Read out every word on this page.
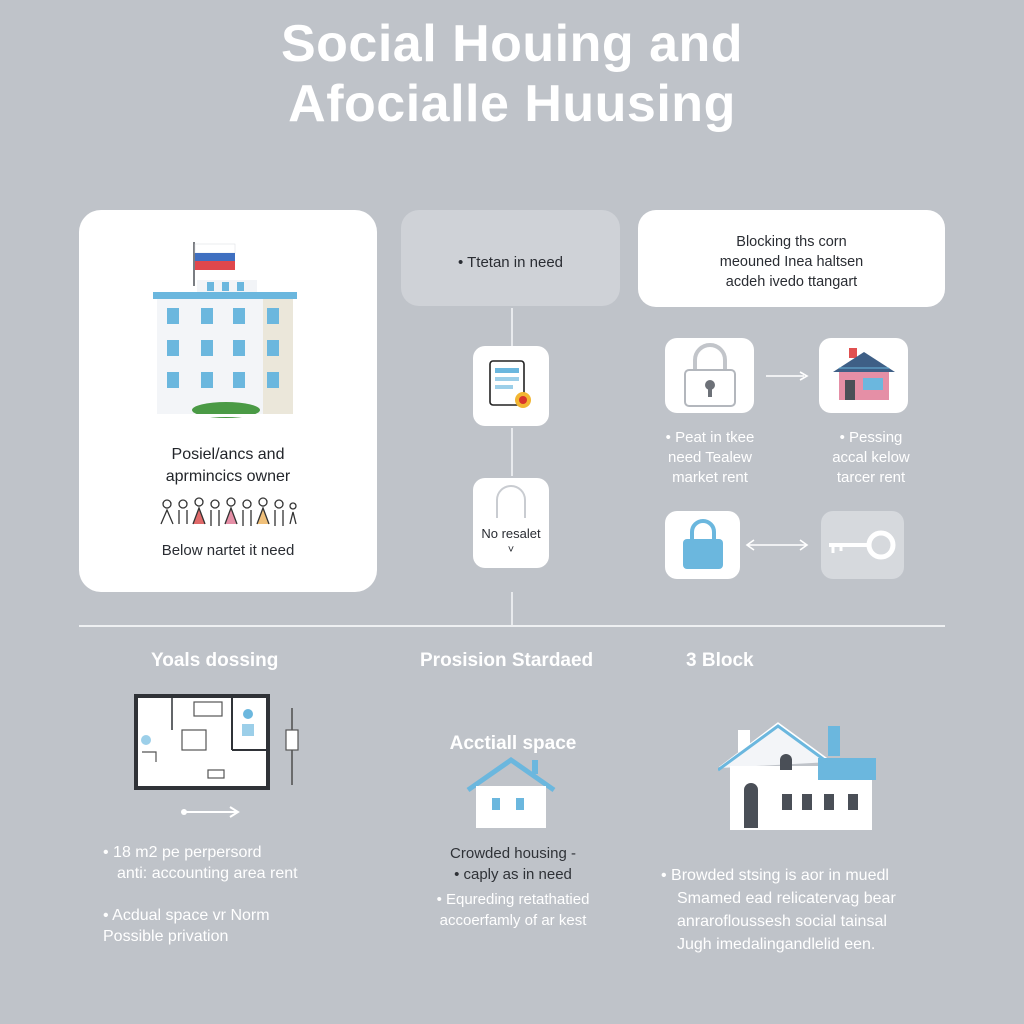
Social Houing and
Afocialle Huusing
Posiel/ancs and
aprmincics owner
Below nartet it need
• Ttetan in need
No resalet
˅
Blocking ths corn
meouned Inea haltsen
acdeh ivedo ttangart
• Peat in tkee
need Tealew
market rent
• Pessing
accal kelow
tarcer rent
Yoals dossing	Prosision Stardaed	3 Block
• 18 m2 pe perpersord
anti: accounting area rent
• Acdual space vr Norm
Possible privation
Acctiall space
Crowded housing -
• caply as in need
• Equreding retathatied
accoerfamly of ar kest
• Browded stsing is aor in muedl
Smamed ead relicatervag bear
anrarofloussesh social tainsal
Jugh imedalingandlelid een.
